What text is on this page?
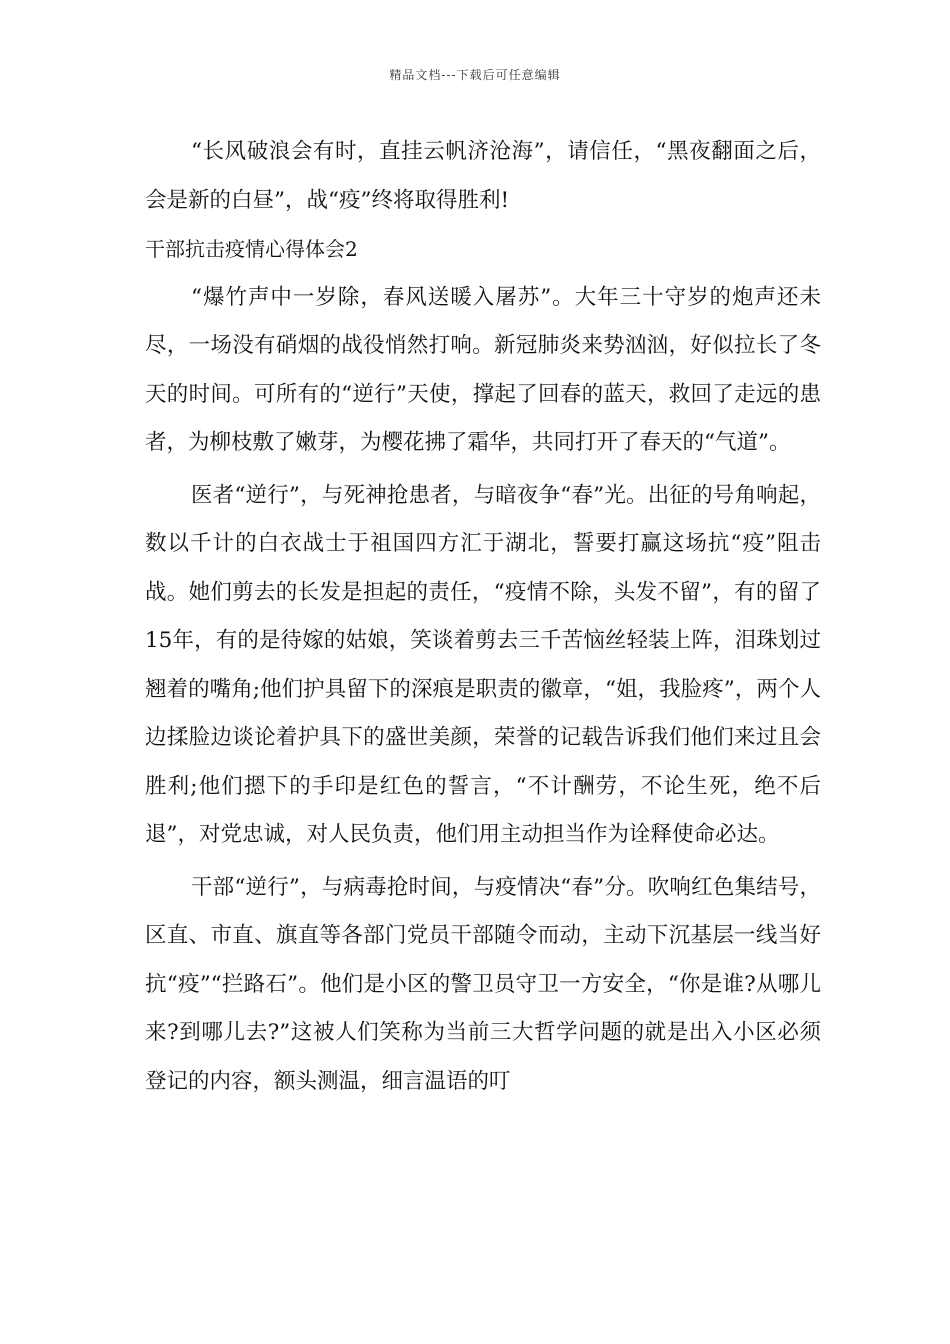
精品文档---下载后可任意编辑

“长风破浪会有时，直挂云帆济沧海”，请信任，“黑夜翻面之后，会是新的白昼”，战“疫”终将取得胜利!

干部抗击疫情心得体会2

“爆竹声中一岁除，春风送暖入屠苏”。大年三十守岁的炮声还未尽，一场没有硝烟的战役悄然打响。新冠肺炎来势汹汹，好似拉长了冬天的时间。可所有的“逆行”天使，撑起了回春的蓝天，救回了走远的患者，为柳枝敷了嫩芽，为樱花拂了霜华，共同打开了春天的“气道”。

医者“逆行”，与死神抢患者，与暗夜争“春”光。出征的号角响起，数以千计的白衣战士于祖国四方汇于湖北，誓要打赢这场抗“疫”阻击战。她们剪去的长发是担起的责任，“疫情不除，头发不留”，有的留了15年，有的是待嫁的姑娘，笑谈着剪去三千苦恼丝轻装上阵，泪珠划过翘着的嘴角;他们护具留下的深痕是职责的徽章，“姐，我脸疼”，两个人边揉脸边谈论着护具下的盛世美颜，荣誉的记载告诉我们他们来过且会胜利;他们摁下的手印是红色的誓言，“不计酬劳，不论生死，绝不后退”，对党忠诚，对人民负责，他们用主动担当作为诠释使命必达。

干部“逆行”，与病毒抢时间，与疫情决“春”分。吹响红色集结号，区直、市直、旗直等各部门党员干部随令而动，主动下沉基层一线当好抗“疫”“拦路石”。他们是小区的警卫员守卫一方安全，“你是谁?从哪儿来?到哪儿去?”这被人们笑称为当前三大哲学问题的就是出入小区必须登记的内容，额头测温，细言温语的叮
